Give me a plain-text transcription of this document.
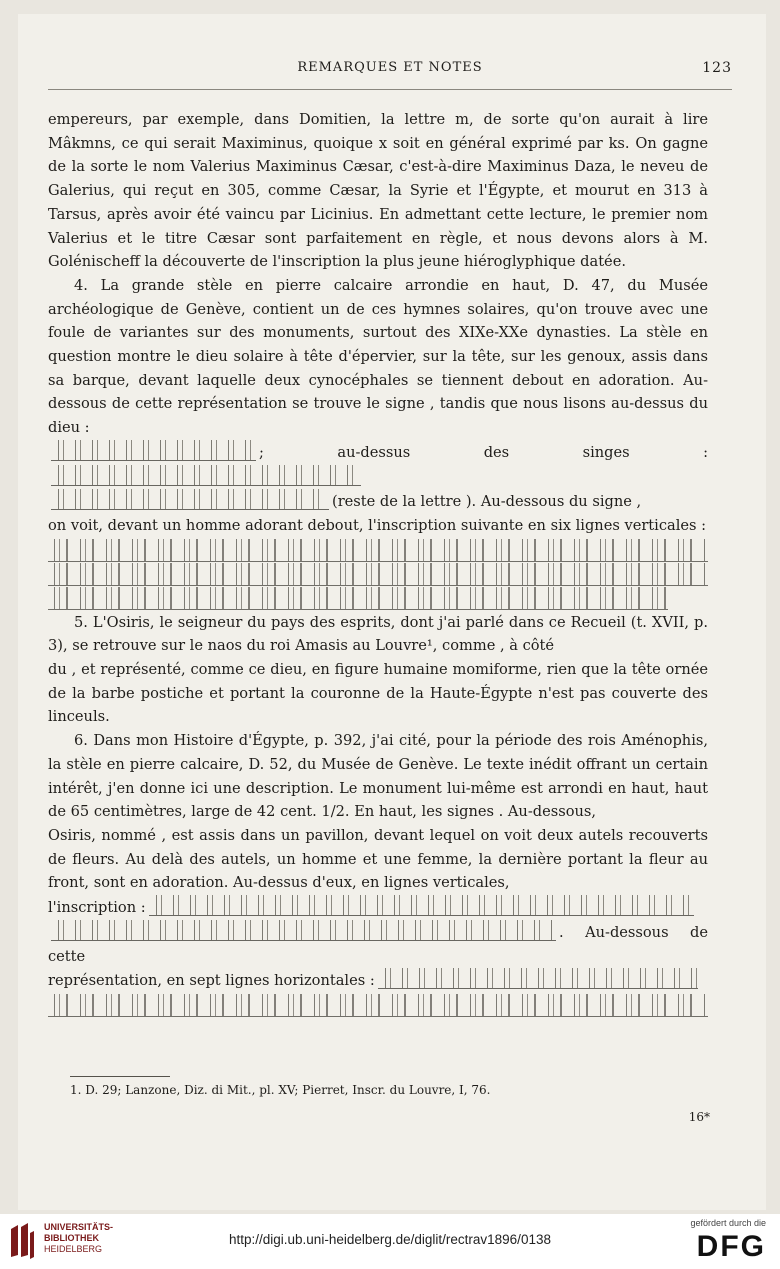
REMARQUES ET NOTES	123

empereurs, par exemple, dans Domitien, la lettre m, de sorte qu'on aurait à lire Mâkmns, ce qui serait Maximinus, quoique x soit en général exprimé par ks. On gagne de la sorte le nom Valerius Maximinus Cæsar, c'est-à-dire Maximinus Daza, le neveu de Galerius, qui reçut en 305, comme Cæsar, la Syrie et l'Égypte, et mourut en 313 à Tarsus, après avoir été vaincu par Licinius. En admettant cette lecture, le premier nom Valerius et le titre Cæsar sont parfaitement en règle, et nous devons alors à M. Golénischeff la découverte de l'inscription la plus jeune hiéroglyphique datée.

4. La grande stèle en pierre calcaire arrondie en haut, D. 47, du Musée archéologique de Genève, contient un de ces hymnes solaires, qu'on trouve avec une foule de variantes sur des monuments, surtout des XIXe-XXe dynasties. La stèle en question montre le dieu solaire à tête d'épervier, sur la tête, sur les genoux, assis dans sa barque, devant laquelle deux cynocéphales se tiennent debout en adoration. Au-dessous de cette représentation se trouve le signe , tandis que nous lisons au-dessus du dieu :

; au-dessus des singes :
(reste de la lettre ). Au-dessous du signe ,

on voit, devant un homme adorant debout, l'inscription suivante en six lignes verticales :

5. L'Osiris, le seigneur du pays des esprits, dont j'ai parlé dans ce Recueil (t. XVII, p. 3), se retrouve sur le naos du roi Amasis au Louvre¹, comme , à côté

du , et représenté, comme ce dieu, en figure humaine momiforme, rien que la tête ornée de la barbe postiche et portant la couronne de la Haute-Égypte n'est pas couverte des linceuls.

6. Dans mon Histoire d'Égypte, p. 392, j'ai cité, pour la période des rois Aménophis, la stèle en pierre calcaire, D. 52, du Musée de Genève. Le texte inédit offrant un certain intérêt, j'en donne ici une description. Le monument lui-même est arrondi en haut, haut de 65 centimètres, large de 42 cent. 1/2. En haut, les signes . Au-dessous,

Osiris, nommé , est assis dans un pavillon, devant lequel on voit deux autels recouverts de fleurs. Au delà des autels, un homme et une femme, la dernière portant la fleur au front, sont en adoration. Au-dessus d'eux, en lignes verticales,

l'inscription :
. Au-dessous de cette
représentation, en sept lignes horizontales :
1. D. 29; Lanzone, Diz. di Mit., pl. XV; Pierret, Inscr. du Louvre, I, 76.
16*
UNIVERSITÄTS-
BIBLIOTHEK
HEIDELBERG
http://digi.ub.uni-heidelberg.de/diglit/rectrav1896/0138
gefördert durch die
DFG
